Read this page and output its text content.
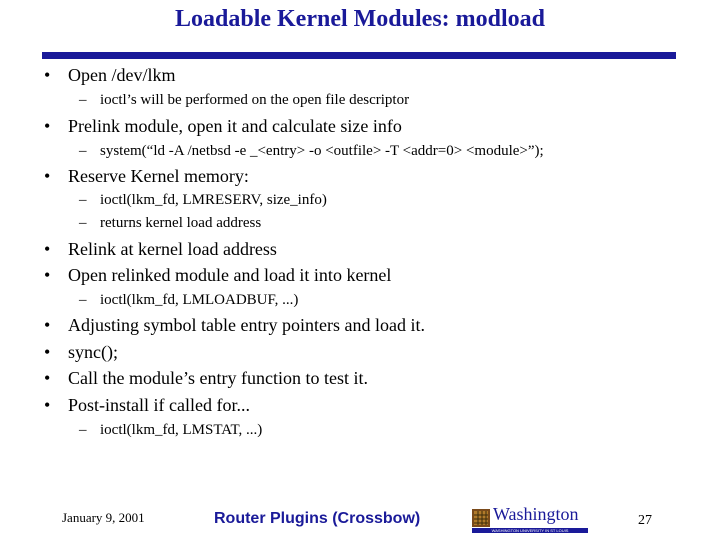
Loadable Kernel Modules: modload
• Open /dev/lkm
– ioctl’s will be performed on the open file descriptor
• Prelink module, open it and calculate size info
– system(“ld -A /netbsd -e _<entry> -o <outfile> -T <addr=0> <module>”);
• Reserve Kernel memory:
– ioctl(lkm_fd, LMRESERV, size_info)
– returns kernel load address
• Relink at kernel load address
• Open relinked module and load it into kernel
– ioctl(lkm_fd, LMLOADBUF, ...)
• Adjusting symbol table entry pointers and load it.
• sync();
• Call the module’s entry function to test it.
• Post-install if called for...
– ioctl(lkm_fd, LMSTAT, ...)
January 9, 2001	Router Plugins (Crossbow)	Washington
WASHINGTON UNIVERSITY IN ST LOUIS
27
